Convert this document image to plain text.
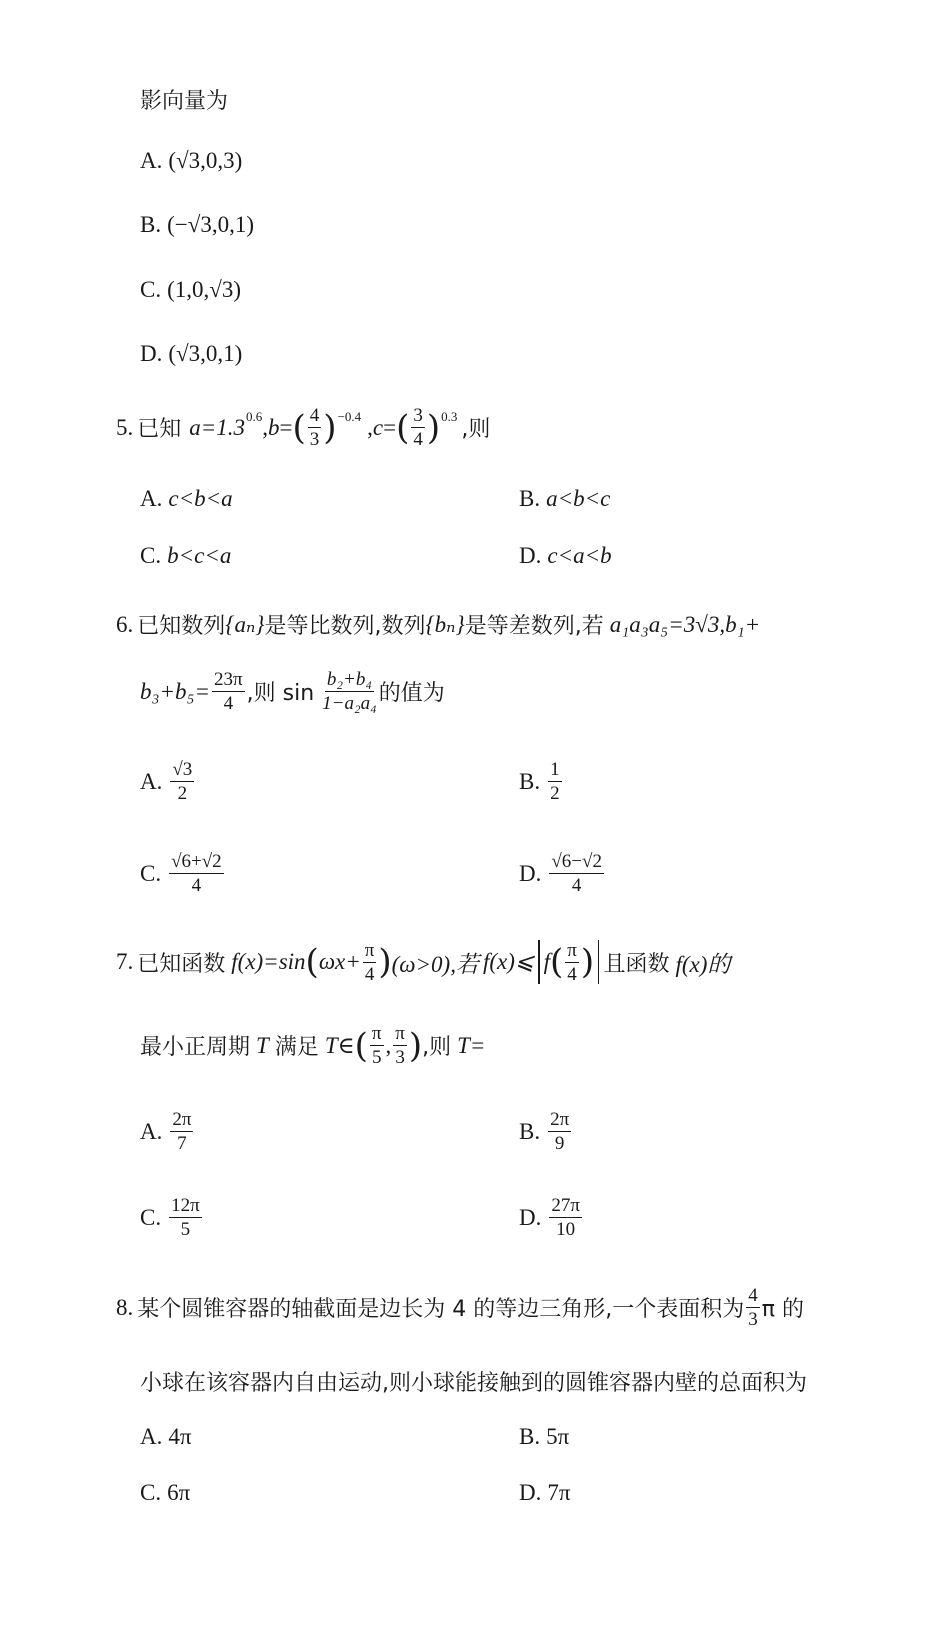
影向量为
A. (√3,0,3)
B. (−√3,0,1)
C. (1,0,√3)
D. (√3,0,1)
5. 已知 a=1.3 0.6 , b = ( $\frac{4}{3}$ ) −0.4 , c = ( $\frac{3}{4}$ ) 0.3
,则
A. c<b<a	B. a<b<c
C. b<c<a	D. c<a<b
6. 已知数列 {aₙ} 是等比数列,数列 {bₙ} 是等差数列,若 a₁a₃a₅=3√3,b₁+
$b_3+b_5= \frac{23\pi}{4}$ ,则 $\sin \frac{\text{b₂+b₄}}{\text{1−a₂a₄}}$ 的值为
A. $\frac{√3}{2}$	B. $\frac{1}{2}$
C. $\frac{√6+√2}{4}$	D. $\frac{√6-√2}{4}$
7. 已知函数 f(x)=sin ( $\omega x+ \frac{\pi}{4}$ ) (ω>0),若 f(x)⩽ f ( $\frac{\pi}{4}$ ) 且函数 f(x)的
最小正周期 T 满足 T∈ ( $\frac{\pi}{5}$ , $\frac{\pi}{3}$ ) ,则 T=
A. $\frac{2\pi}{7}$	B. $\frac{2\pi}{9}$
C. $\frac{12\pi}{5}$	D. $\frac{27\pi}{10}$
8. 某个圆锥容器的轴截面是边长为 4 的等边三角形,一个表面积为 $\frac{4}{3}$ π 的
小球在该容器内自由运动,则小球能接触到的圆锥容器内壁的总面积为
A. 4π	B. 5π
C. 6π	D. 7π
